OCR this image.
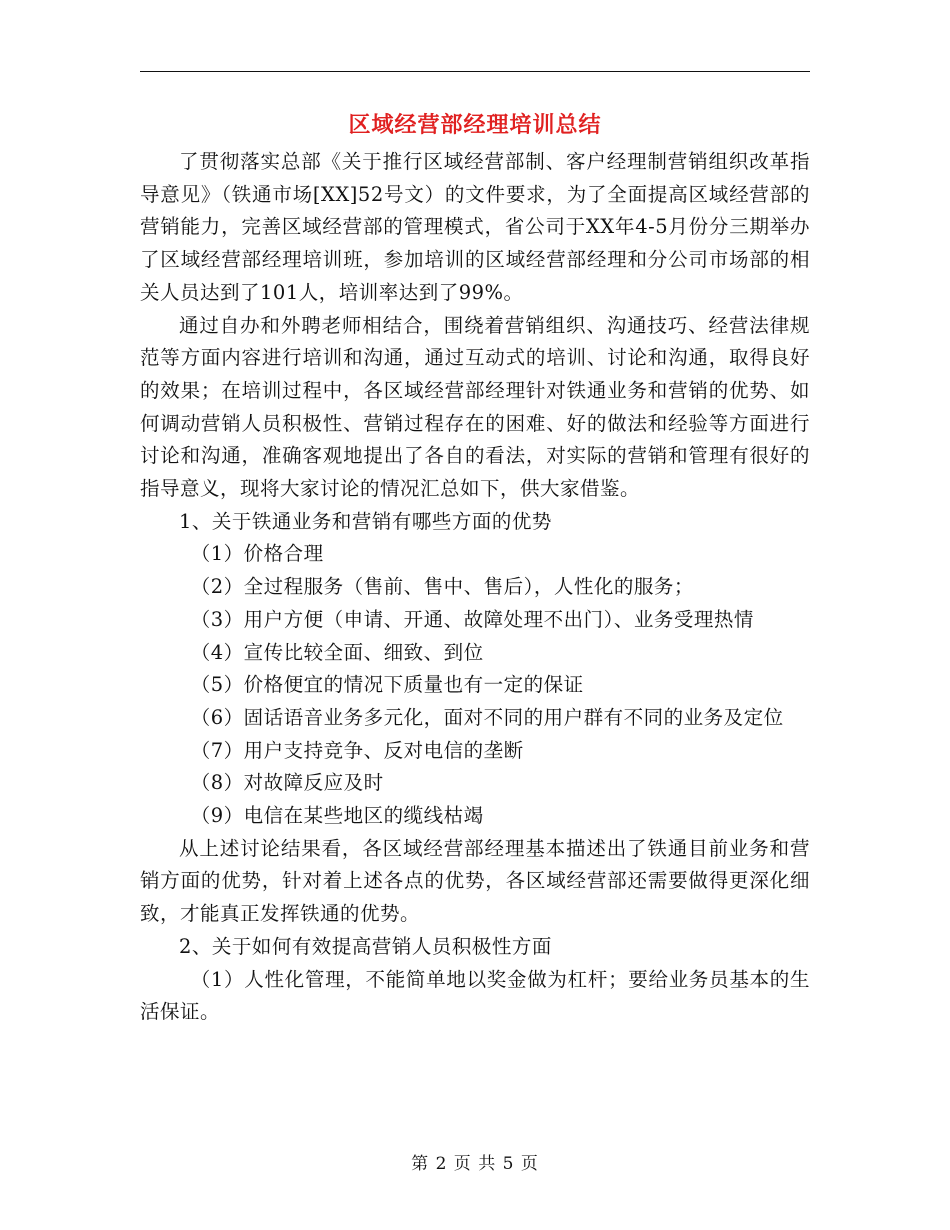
区域经营部经理培训总结

了贯彻落实总部《关于推行区域经营部制、客户经理制营销组织改革指导意见》（铁通市场[XX]52号文）的文件要求，为了全面提高区域经营部的营销能力，完善区域经营部的管理模式，省公司于XX年4-5月份分三期举办了区域经营部经理培训班，参加培训的区域经营部经理和分公司市场部的相关人员达到了101人，培训率达到了99%。

通过自办和外聘老师相结合，围绕着营销组织、沟通技巧、经营法律规范等方面内容进行培训和沟通，通过互动式的培训、讨论和沟通，取得良好的效果；在培训过程中，各区域经营部经理针对铁通业务和营销的优势、如何调动营销人员积极性、营销过程存在的困难、好的做法和经验等方面进行讨论和沟通，准确客观地提出了各自的看法，对实际的营销和管理有很好的指导意义，现将大家讨论的情况汇总如下，供大家借鉴。

1、关于铁通业务和营销有哪些方面的优势

（1）价格合理

（2）全过程服务（售前、售中、售后），人性化的服务；

（3）用户方便（申请、开通、故障处理不出门）、业务受理热情

（4）宣传比较全面、细致、到位

（5）价格便宜的情况下质量也有一定的保证

（6）固话语音业务多元化，面对不同的用户群有不同的业务及定位

（7）用户支持竞争、反对电信的垄断

（8）对故障反应及时

（9）电信在某些地区的缆线枯竭

从上述讨论结果看，各区域经营部经理基本描述出了铁通目前业务和营销方面的优势，针对着上述各点的优势，各区域经营部还需要做得更深化细致，才能真正发挥铁通的优势。

2、关于如何有效提高营销人员积极性方面

（1）人性化管理，不能简单地以奖金做为杠杆；要给业务员基本的生活保证。

第 2 页 共 5 页
